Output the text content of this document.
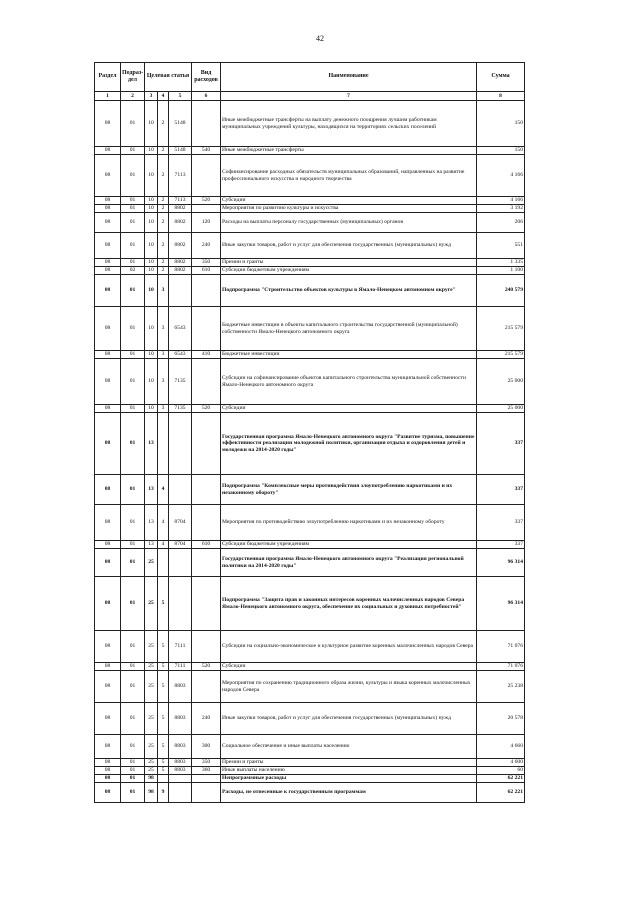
42
Раздел	Подраз-дел	Целевая статья			Вид расходов	Наименование	Сумма
1	2	3	4	5	6	7	8
08	01	10	2	5148		Иные межбюджетные трансферты на выплату денежного поощрения лучшим работникам муниципальных учреждений культуры, находящихся на территориях сельских поселений	150
08	01	10	2	5148	540	Иные межбюджетные трансферты	150
08	01	10	2	7113		Софинансирование расходных обязательств муниципальных образований, направленных на развитие профессионального искусства и народного творчества	4 166
08	01	10	2	7113	520	Субсидии	4 166
08	01	10	2	8802		Мероприятия по развитию культуры и искусства	3 192
08	01	10	2	8802	120	Расходы на выплаты персоналу государственных (муниципальных) органов	206
08	01	10	2	8802	240	Иные закупки товаров, работ и услуг для обеспечения государственных (муниципальных) нужд	551
08	01	10	2	8802	350	Премии и гранты	1 335
08	02	10	2	8802	610	Субсидии бюджетным учреждениям	1 100
08	01	10	3			Подпрограмма "Строительство объектов культуры в Ямало-Ненецком автономном округе"	240 579
08	01	10	3	6543		Бюджетные инвестиции в объекты капитального строительства государственной (муниципальной) собственности Ямало-Ненецкого автономного округа	215 579
08	01	10	3	6543	410	Бюджетные инвестиции	215 579
08	01	10	3	7135		Субсидии на софинансирование объектов капитального строительства муниципальной собственности Ямало-Ненецкого автономного округа	25 000
08	01	10	3	7135	520	Субсидии	25 000
08	01	13				Государственная программа Ямало-Ненецкого автономного округа "Развитие туризма, повышение эффективности реализации молодежной политики, организация отдыха и оздоровления детей и молодежи на 2014-2020 годы"	337
08	01	13	4			Подпрограмма "Комплексные меры противодействия злоупотреблению наркотиками и их незаконному обороту"	337
08	01	13	4	8704		Мероприятия по противодействию злоупотреблению наркотиками и их незаконному обороту	337
08	01	13	4	8704	610	Субсидии бюджетным учреждениям	337
08	01	25				Государственная программа Ямало-Ненецкого автономного округа "Реализация региональной политики на 2014-2020 годы"	96 314
08	01	25	5			Подпрограмма "Защита прав и законных интересов коренных малочисленных народов Севера Ямало-Ненецкого автономного округа, обеспечение их социальных и духовных потребностей"	96 314
08	01	25	5	7111		Субсидии на социально-экономическое и культурное развитие коренных малочисленных народов Севера	71 076
08	01	25	5	7111	520	Субсидии	71 076
08	01	25	5	8803		Мероприятия по сохранению традиционного образа жизни, культуры и языка коренных малочисленных народов Севера	25 238
08	01	25	5	8803	240	Иные закупки товаров, работ и услуг для обеспечения государственных (муниципальных) нужд	20 578
08	01	25	5	8803	300	Социальное обеспечение и иные выплаты населению	4 660
08	01	25	5	8803	350	Премии и гранты	4 600
08	01	25	5	8803	360	Иные выплаты населению	60
08	01	98				Непрограммные расходы	62 221
08	01	98	9			Расходы, не отнесенные к государственным программам	62 221
